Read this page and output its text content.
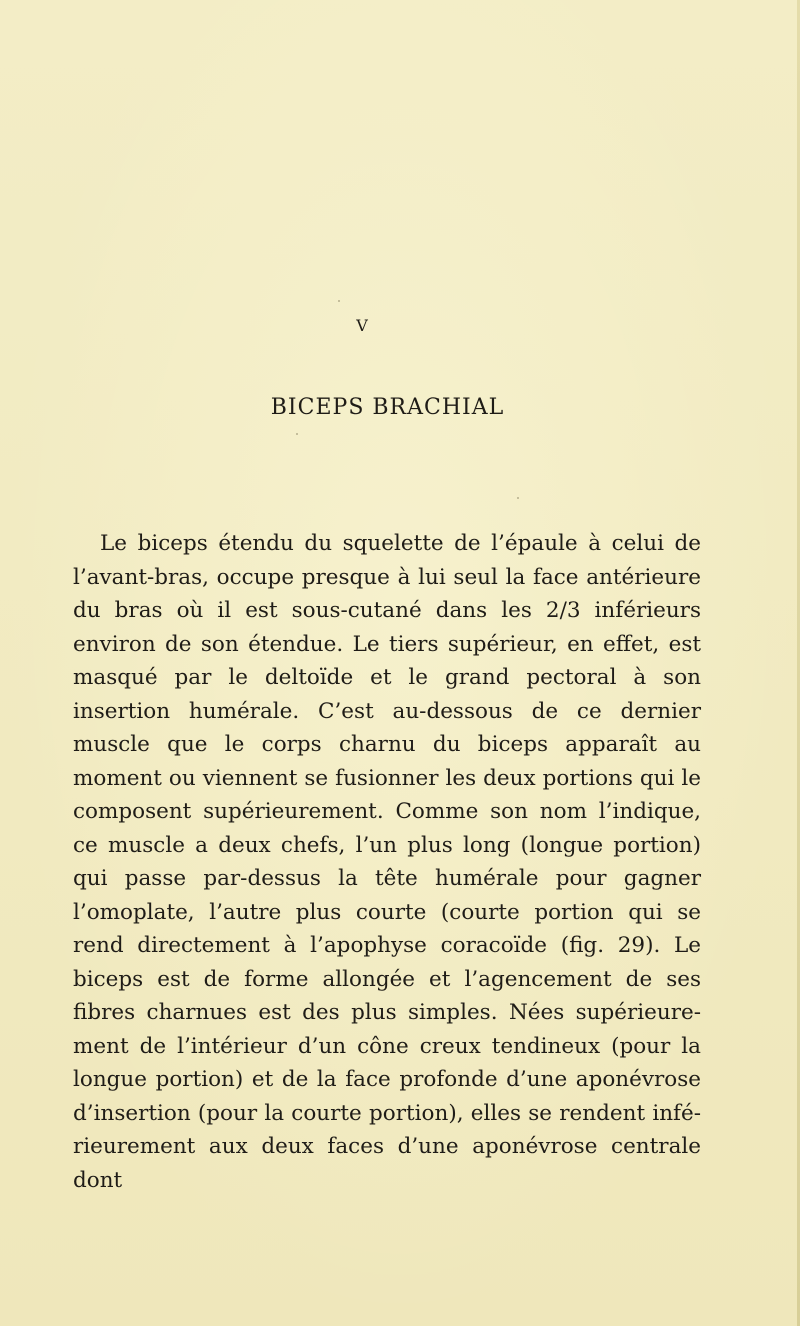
V
BICEPS BRACHIAL

Le biceps étendu du squelette de l’épaule à celui de l’avant-bras, occupe presque à lui seul la face antérieure du bras où il est sous-cutané dans les 2/3 inférieurs environ de son étendue. Le tiers supérieur, en effet, est masqué par le deltoïde et le grand pectoral à son insertion humérale. C’est au-dessous de ce dernier muscle que le corps charnu du biceps apparaît au moment ou viennent se fusionner les deux portions qui le composent supérieurement. Comme son nom l’indique, ce muscle a deux chefs, l’un plus long (longue portion) qui passe par-dessus la tête humérale pour gagner l’omoplate, l’autre plus courte (courte portion qui se rend directement à l’apophyse coracoïde (fig. 29). Le biceps est de forme allongée et l’agencement de ses fibres charnues est des plus simples. Nées supérieure-ment de l’intérieur d’un cône creux tendineux (pour la longue portion) et de la face profonde d’une aponévrose d’insertion (pour la courte portion), elles se rendent infé-rieurement aux deux faces d’une aponévrose centrale dont
